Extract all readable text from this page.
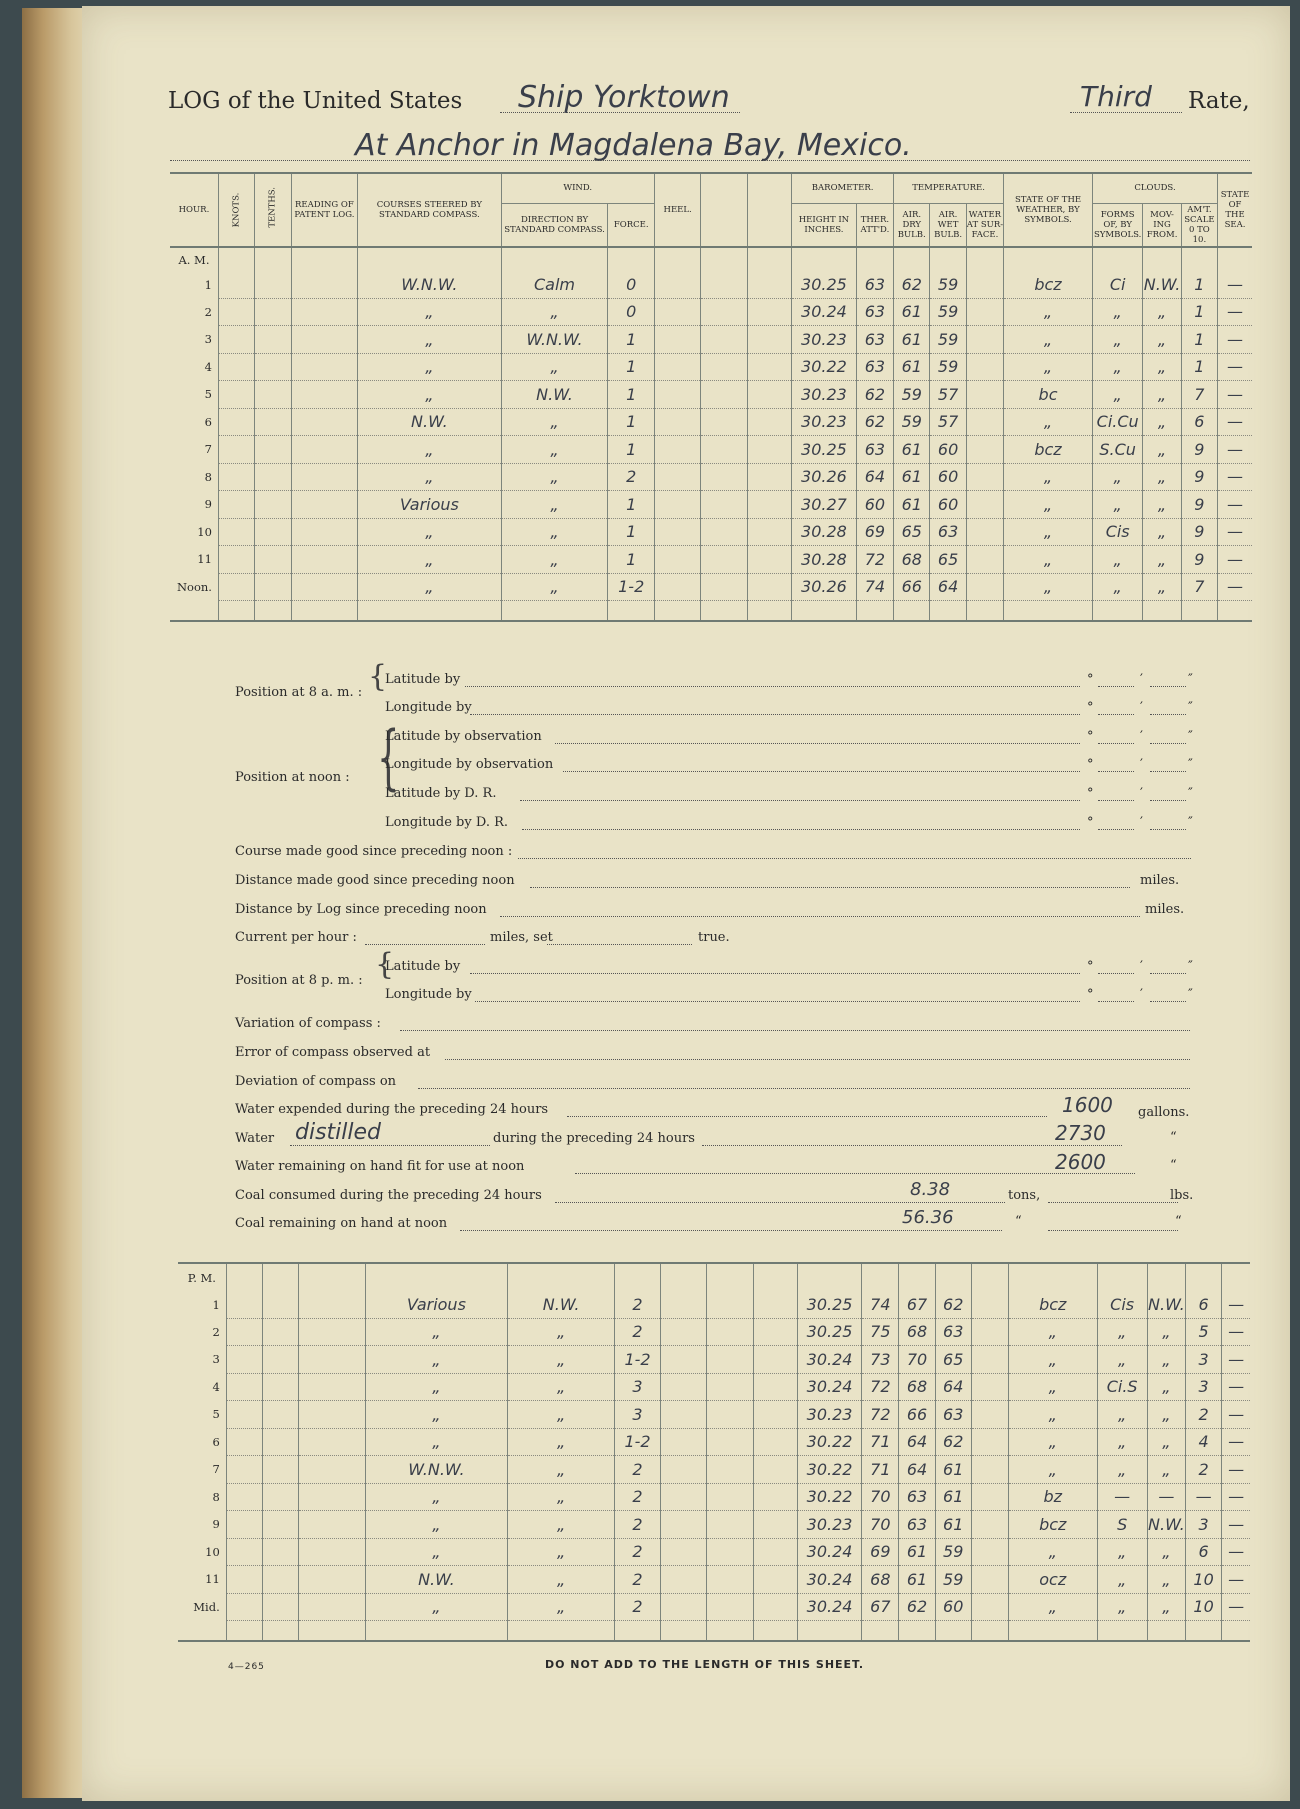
LOG of the United States Ship Yorktown	Third Rate,
At Anchor in Magdalena Bay, Mexico.
HOUR.	KNOTS.	TENTHS.	READING OF PATENT LOG.	COURSES STEERED BY STANDARD COMPASS.	WIND.		HEEL.			BAROMETER.		TEMPERATURE.			STATE OF THE WEATHER, BY SYMBOLS.	CLOUDS.			STATE OF THE SEA.
					DIRECTION BY STANDARD COMPASS.	FORCE.				HEIGHT IN INCHES.	THER. ATT'D.	AIR. DRY BULB.	AIR. WET BULB.	WATER AT SUR-FACE.		FORMS OF, BY SYMBOLS.	MOV-ING FROM.	AM'T. SCALE 0 TO 10.	
A. M.																			
1				W.N.W.	Calm	0				30.25	63	62	59		bcz	Ci	N.W.	1	—
2				„	„	0				30.24	63	61	59		„	„	„	1	—
3				„	W.N.W.	1				30.23	63	61	59		„	„	„	1	—
4				„	„	1				30.22	63	61	59		„	„	„	1	—
5				„	N.W.	1				30.23	62	59	57		bc	„	„	7	—
6				N.W.	„	1				30.23	62	59	57		„	Ci.Cu	„	6	—
7				„	„	1				30.25	63	61	60		bcz	S.Cu	„	9	—
8				„	„	2				30.26	64	61	60		„	„	„	9	—
9				Various	„	1				30.27	60	61	60		„	„	„	9	—
10				„	„	1				30.28	69	65	63		„	Cis	„	9	—
11				„	„	1				30.28	72	68	65		„	„	„	9	—
Noon.				„	„	1-2				30.26	74	66	64		„	„	„	7	—

Position at 8 a. m. : {
Latitude by
Longitude by
Position at noon : {
Latitude by observation
Longitude by observation
Latitude by D. R.
Longitude by D. R.
Course made good since preceding noon :
Distance made good since preceding noon	miles.
Distance by Log since preceding noon	miles.
Current per hour :	miles, set	true.
Position at 8 p. m. : {
Latitude by
Longitude by
Variation of compass :
Error of compass observed at
Deviation of compass on
Water expended during the preceding 24 hours	1600 gallons.
Water distilled	during the preceding 24 hours	2730	“
Water remaining on hand fit for use at noon	2600	“
Coal consumed during the preceding 24 hours	8.38	tons,	lbs.
Coal remaining on hand at noon	56.36	“	“
°	′	″
°	′	″
°	′	″
°	′	″
°	′	″
°	′	″
°	′	″
°	′	″
P. M.																			
1				Various	N.W.	2				30.25	74	67	62		bcz	Cis	N.W.	6	—
2				„	„	2				30.25	75	68	63		„	„	„	5	—
3				„	„	1-2				30.24	73	70	65		„	„	„	3	—
4				„	„	3				30.24	72	68	64		„	Ci.S	„	3	—
5				„	„	3				30.23	72	66	63		„	„	„	2	—
6				„	„	1-2				30.22	71	64	62		„	„	„	4	—
7				W.N.W.	„	2				30.22	71	64	61		„	„	„	2	—
8				„	„	2				30.22	70	63	61		bz	—	—	—	—
9				„	„	2				30.23	70	63	61		bcz	S	N.W.	3	—
10				„	„	2				30.24	69	61	59		„	„	„	6	—
11				N.W.	„	2				30.24	68	61	59		ocz	„	„	10	—
Mid.				„	„	2				30.24	67	62	60		„	„	„	10	—

4—265	DO NOT ADD TO THE LENGTH OF THIS SHEET.
